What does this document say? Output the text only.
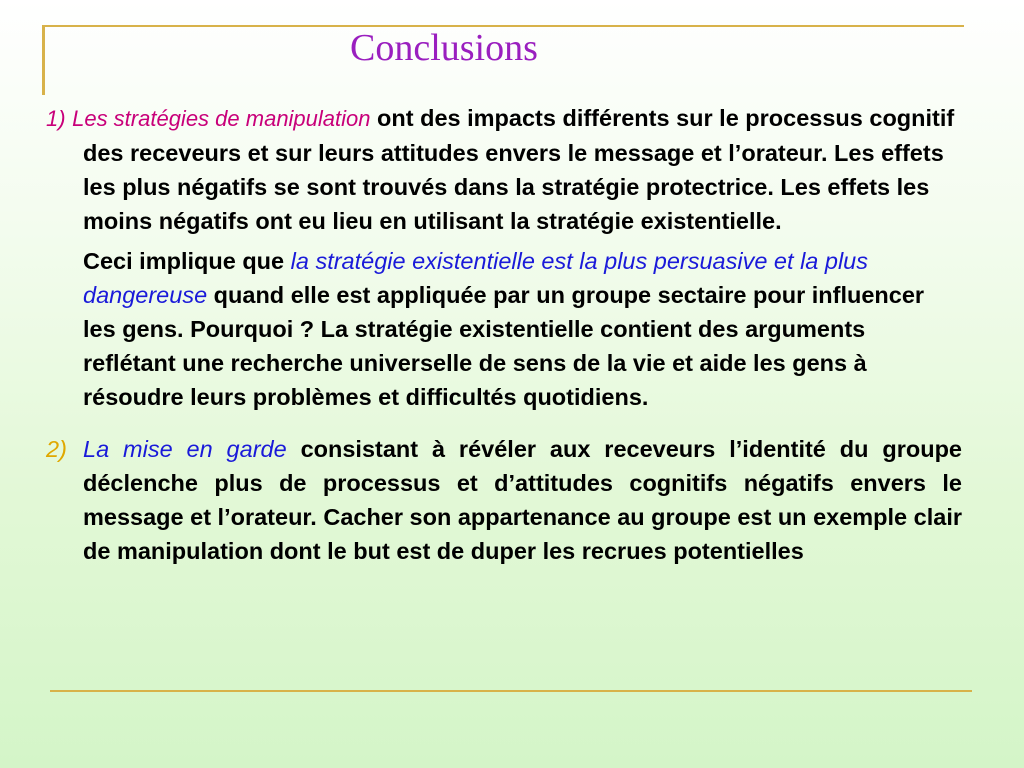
Conclusions

1) Les stratégies de manipulation ont des impacts différents sur le processus cognitif des receveurs et sur leurs attitudes envers le message et l’orateur. Les effets les plus négatifs se sont trouvés dans la stratégie protectrice. Les effets les moins négatifs ont eu lieu en utilisant la stratégie existentielle.

Ceci implique que la stratégie existentielle est la plus persuasive et la plus dangereuse quand elle est appliquée par un groupe sectaire pour influencer les gens. Pourquoi ? La stratégie existentielle contient des arguments reflétant une recherche universelle de sens de la vie et aide les gens à résoudre leurs problèmes et difficultés quotidiens.

2) La mise en garde consistant à révéler aux receveurs l’identité du groupe déclenche plus de processus et d’attitudes cognitifs négatifs envers le message et l’orateur. Cacher son appartenance au groupe est un exemple clair de manipulation dont le but est de duper les recrues potentielles
